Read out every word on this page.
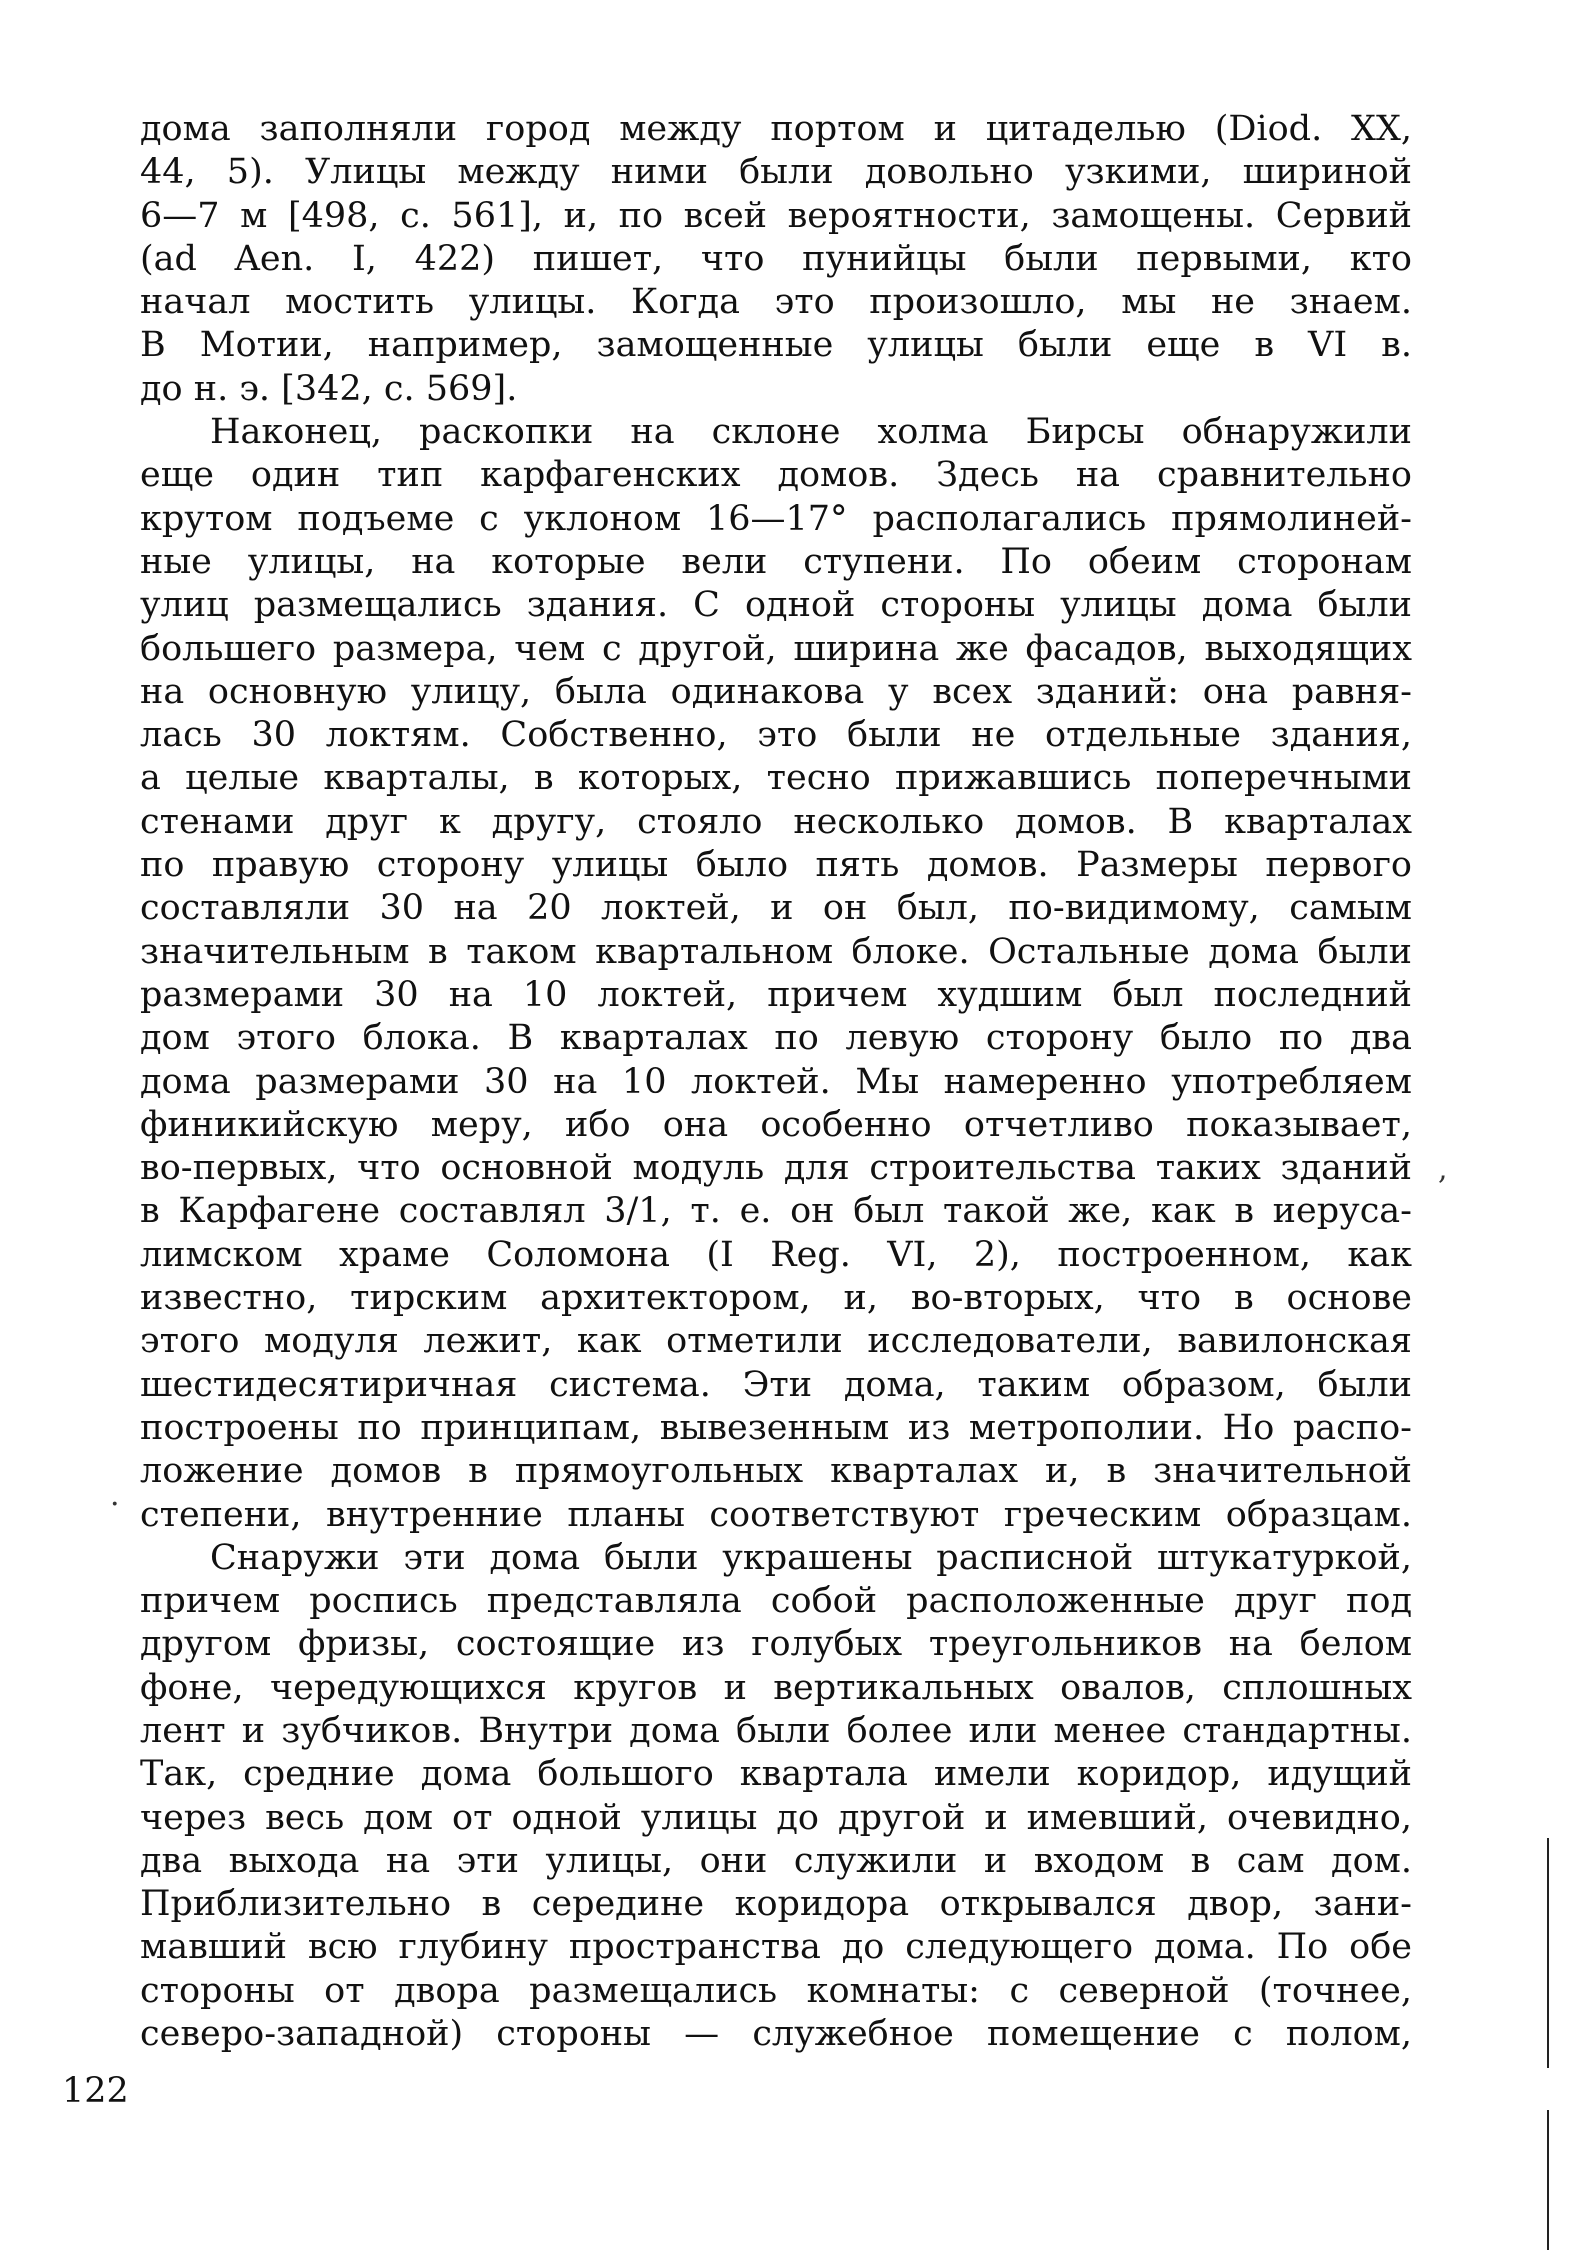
дома заполняли город между портом и цитаделью (Diod. XX,
44, 5). Улицы между ними были довольно узкими, шириной
6—7 м [498, с. 561], и, по всей вероятности, замощены. Сервий
(ad Aen. I, 422) пишет, что пунийцы были первыми, кто
начал мостить улицы. Когда это произошло, мы не знаем.
В Мотии, например, замощенные улицы были еще в VI в.
до н. э. [342, с. 569].

Наконец, раскопки на склоне холма Бирсы обнаружили
еще один тип карфагенских домов. Здесь на сравнительно
крутом подъеме с уклоном 16—17° располагались прямолиней-
ные улицы, на которые вели ступени. По обеим сторонам
улиц размещались здания. С одной стороны улицы дома были
большего размера, чем с другой, ширина же фасадов, выходящих
на основную улицу, была одинакова у всех зданий: она равня-
лась 30 локтям. Собственно, это были не отдельные здания,
а целые кварталы, в которых, тесно прижавшись поперечными
стенами друг к другу, стояло несколько домов. В кварталах
по правую сторону улицы было пять домов. Размеры первого
составляли 30 на 20 локтей, и он был, по-видимому, самым
значительным в таком квартальном блоке. Остальные дома были
размерами 30 на 10 локтей, причем худшим был последний
дом этого блока. В кварталах по левую сторону было по два
дома размерами 30 на 10 локтей. Мы намеренно употребляем
финикийскую меру, ибо она особенно отчетливо показывает,
во-первых, что основной модуль для строительства таких зданий
в Карфагене составлял 3/1, т. е. он был такой же, как в иеруса-
лимском храме Соломона (I Reg. VI, 2), построенном, как
известно, тирским архитектором, и, во-вторых, что в основе
этого модуля лежит, как отметили исследователи, вавилонская
шестидесятиричная система. Эти дома, таким образом, были
построены по принципам, вывезенным из метрополии. Но распо-
ложение домов в прямоугольных кварталах и, в значительной
степени, внутренние планы соответствуют греческим образцам.

Снаружи эти дома были украшены расписной штукатуркой,
причем роспись представляла собой расположенные друг под
другом фризы, состоящие из голубых треугольников на белом
фоне, чередующихся кругов и вертикальных овалов, сплошных
лент и зубчиков. Внутри дома были более или менее стандартны.
Так, средние дома большого квартала имели коридор, идущий
через весь дом от одной улицы до другой и имевший, очевидно,
два выхода на эти улицы, они служили и входом в сам дом.
Приблизительно в середине коридора открывался двор, зани-
мавший всю глубину пространства до следующего дома. По обе
стороны от двора размещались комнаты: с северной (точнее,
северо-западной) стороны — служебное помещение с полом,

122
,
·
